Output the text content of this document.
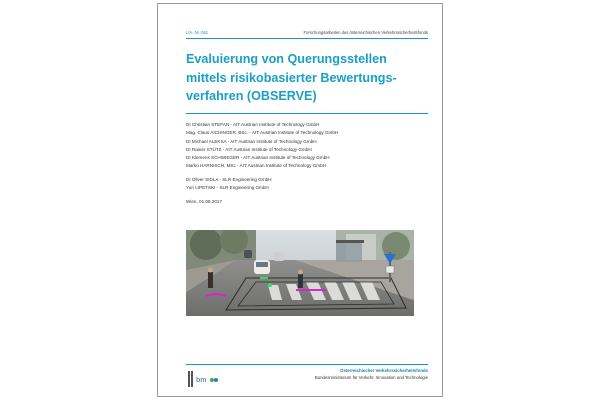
LfA. Nr. 061	Forschungsarbeiten des österreichischen Verkehrssicherheitsfonds
Evaluierung von Querungsstellen
mittels risikobasierter Bewertungs-
verfahren (OBSERVE)
DI Christian STEFAN - AIT Austrian Institute of Technology GmbH
Mag. Claus AICHINGER, BSc. - AIT Austrian Institute of Technology GmbH
DI Michael ALEKSA - AIT Austrian Institute of Technology GmbH
DI Rainer STÜTZ - AIT Austrian Institute of Technology GmbH
DI Klemens SCHWIEGER - AIT Austrian Institute of Technology GmbH
Marko HARNISCH, MSc - AIT Austrian Institute of Technology GmbH
DI Oliver SIDLA - SLR Engineering GmbH
Yuri LIPETSKI - SLR Engineering GmbH
Wien, 01.08.2017
bm
Österreichischer Verkehrssicherheitsfonds
Bundesministerium für Verkehr, Innovation und Technologie
